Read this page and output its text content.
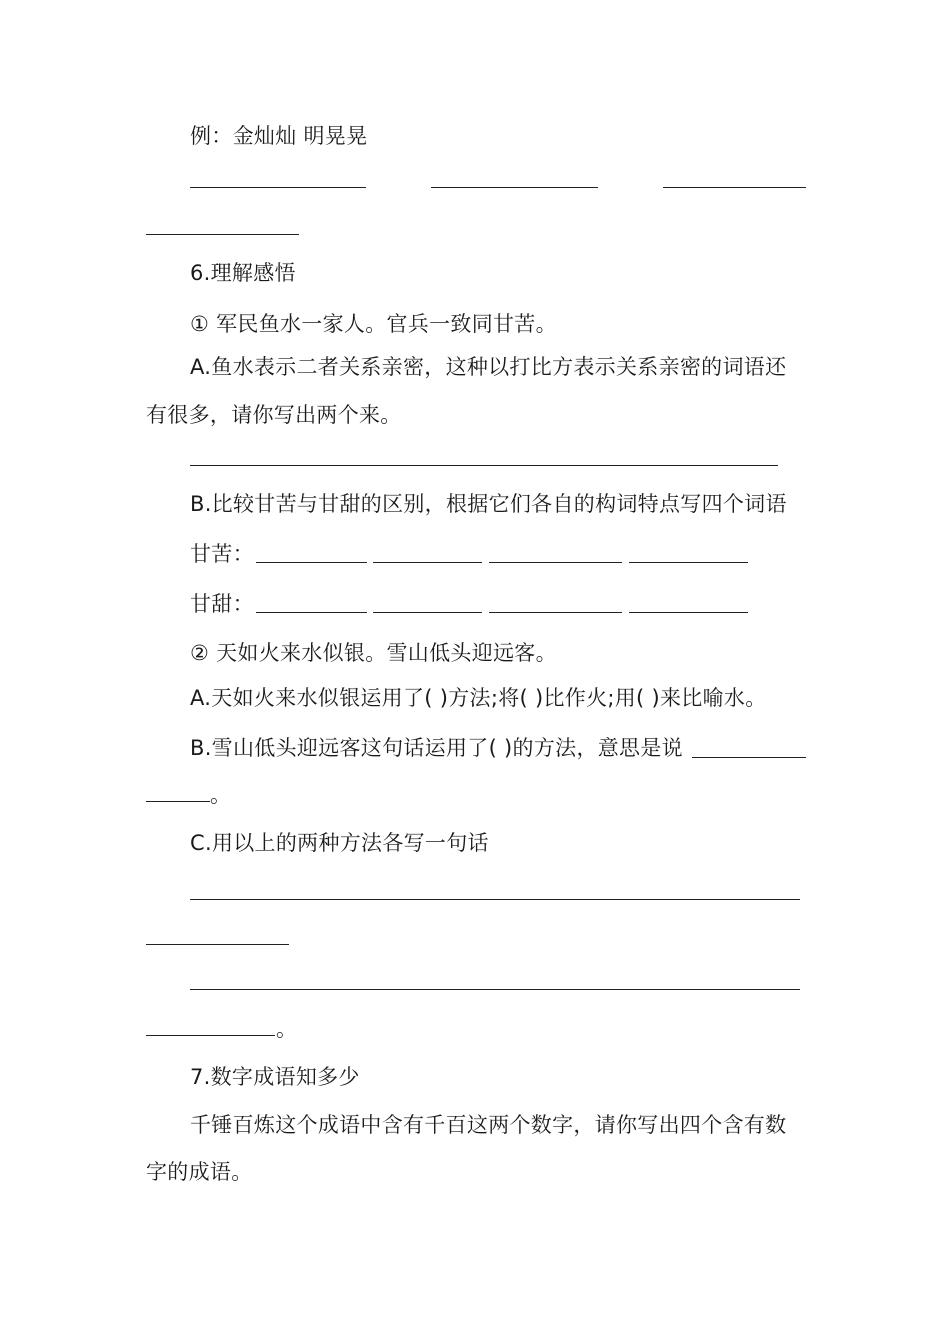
例：金灿灿 明晃晃
6.理解感悟
① 军民鱼水一家人。官兵一致同甘苦。
A.鱼水表示二者关系亲密，这种以打比方表示关系亲密的词语还
有很多，请你写出两个来。
B.比较甘苦与甘甜的区别，根据它们各自的构词特点写四个词语
甘苦：
甘甜：
② 天如火来水似银。雪山低头迎远客。
A.天如火来水似银运用了( )方法;将( )比作火;用( )来比喻水。
B.雪山低头迎远客这句话运用了( )的方法，意思是说
。
C.用以上的两种方法各写一句话
。
7.数字成语知多少
千锤百炼这个成语中含有千百这两个数字，请你写出四个含有数
字的成语。
